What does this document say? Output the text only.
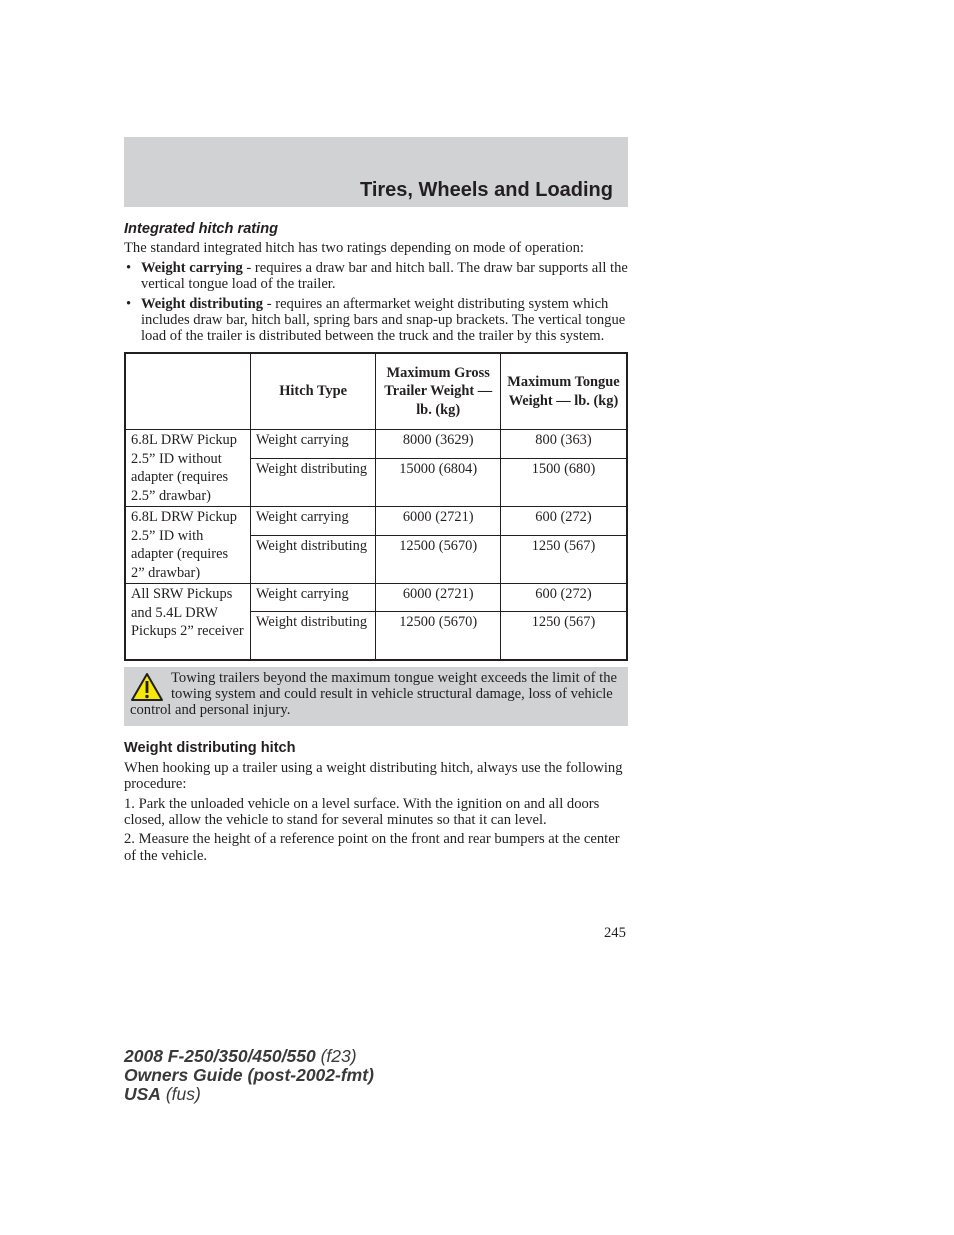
Tires, Wheels and Loading
Integrated hitch rating

The standard integrated hitch has two ratings depending on mode of operation:

• Weight carrying - requires a draw bar and hitch ball. The draw bar supports all the vertical tongue load of the trailer.
• Weight distributing - requires an aftermarket weight distributing system which includes draw bar, hitch ball, spring bars and snap-up brackets. The vertical tongue load of the trailer is distributed between the truck and the trailer by this system.
	Hitch Type	Maximum Gross Trailer Weight — lb. (kg)	Maximum Tongue Weight — lb. (kg)
6.8L DRW Pickup 2.5” ID without adapter (requires 2.5” drawbar)	Weight carrying	8000 (3629)	800 (363)
	Weight distributing	15000 (6804)	1500 (680)
6.8L DRW Pickup 2.5” ID with adapter (requires 2” drawbar)	Weight carrying	6000 (2721)	600 (272)
	Weight distributing	12500 (5670)	1250 (567)
All SRW Pickups and 5.4L DRW Pickups 2” receiver	Weight carrying	6000 (2721)	600 (272)
	Weight distributing	12500 (5670)	1250 (567)
Towing trailers beyond the maximum tongue weight exceeds the limit of the towing system and could result in vehicle structural damage, loss of vehicle control and personal injury.
Weight distributing hitch

When hooking up a trailer using a weight distributing hitch, always use the following procedure:

1. Park the unloaded vehicle on a level surface. With the ignition on and all doors closed, allow the vehicle to stand for several minutes so that it can level.

2. Measure the height of a reference point on the front and rear bumpers at the center of the vehicle.

245
2008 F-250/350/450/550 (f23)
Owners Guide (post-2002-fmt)
USA (fus)
